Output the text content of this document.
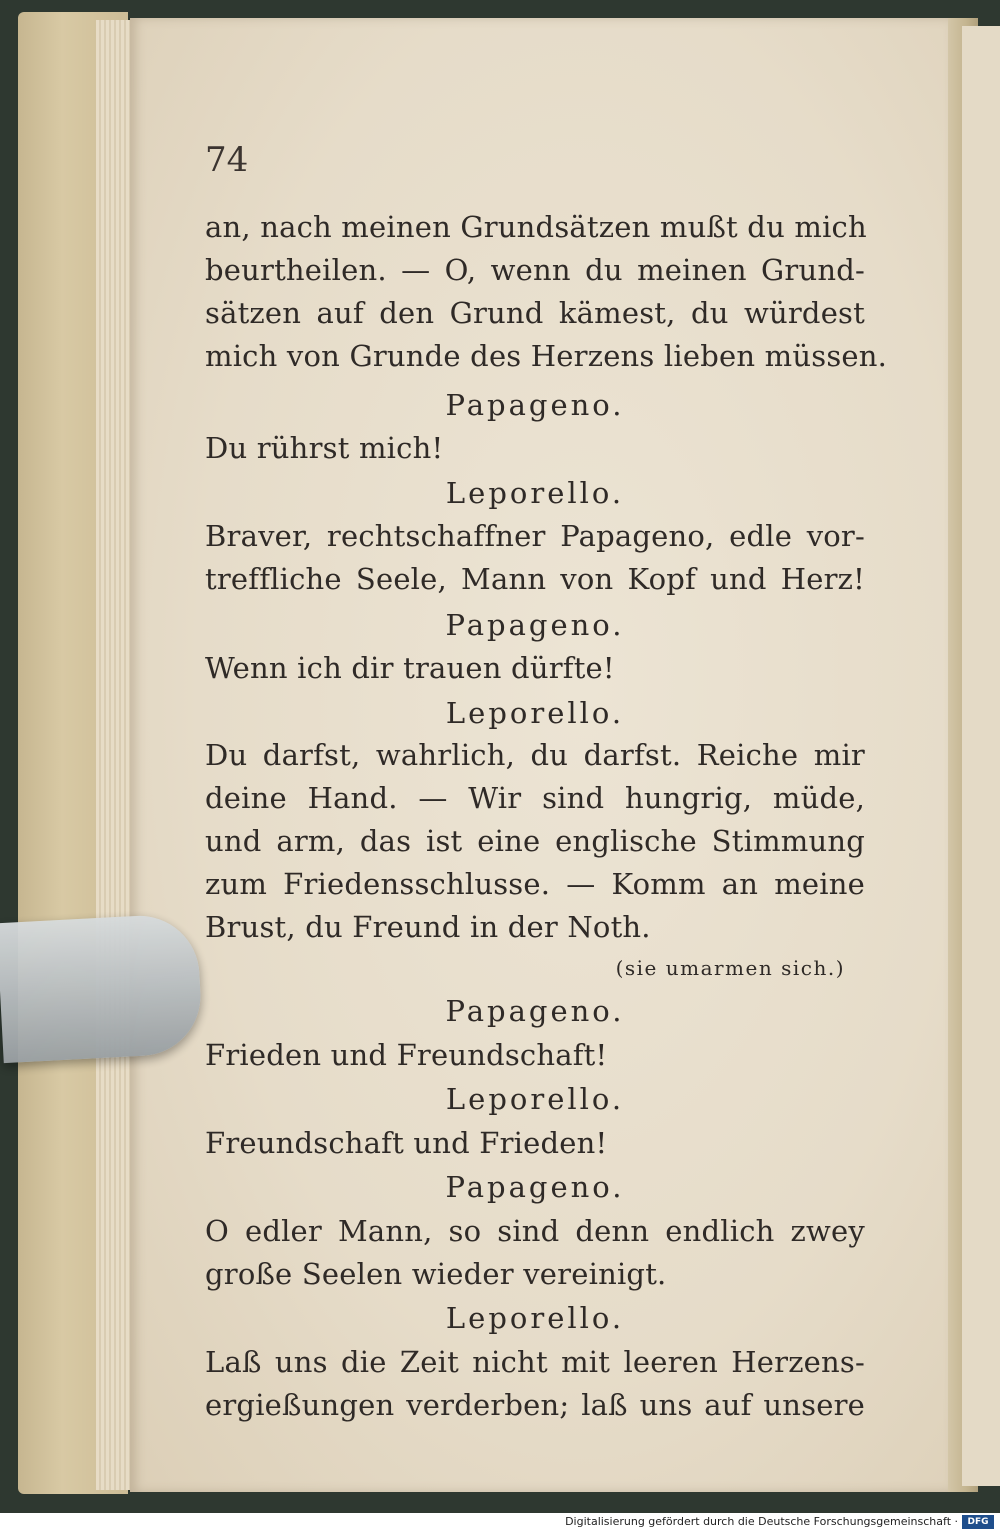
74
an, nach meinen Grundsätzen mußt du mich
beurtheilen. — O, wenn du meinen Grund-
sätzen auf den Grund kämest, du würdest
mich von Grunde des Herzens lieben müssen.
Papageno.
Du rührst mich!
Leporello.
Braver, rechtschaffner Papageno, edle vor-
treffliche Seele, Mann von Kopf und Herz!
Papageno.
Wenn ich dir trauen dürfte!
Leporello.
Du darfst, wahrlich, du darfst. Reiche mir
deine Hand. — Wir sind hungrig, müde,
und arm, das ist eine englische Stimmung
zum Friedensschlusse. — Komm an meine
Brust, du Freund in der Noth.
(sie umarmen sich.)
Papageno.
Frieden und Freundschaft!
Leporello.
Freundschaft und Frieden!
Papageno.
O edler Mann, so sind denn endlich zwey
große Seelen wieder vereinigt.
Leporello.
Laß uns die Zeit nicht mit leeren Herzens-
ergießungen verderben; laß uns auf unsere
Digitalisierung gefördert durch die Deutsche Forschungsgemeinschaft ·	DFG
